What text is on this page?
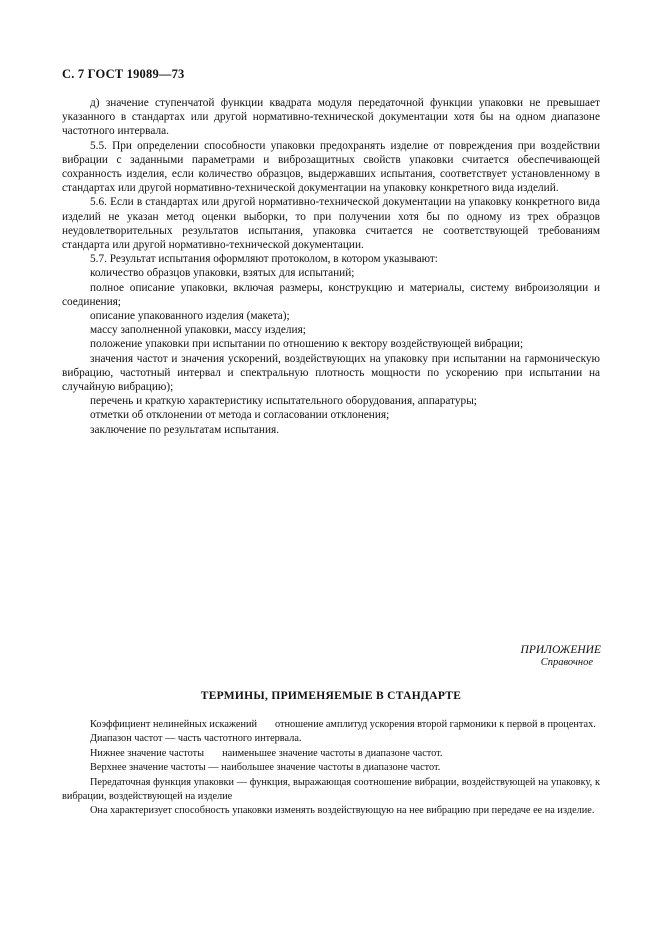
С. 7 ГОСТ 19089—73

д) значение ступенчатой функции квадрата модуля передаточной функции упаковки не превышает указанного в стандартах или другой нормативно-технической документации хотя бы на одном диапазоне частотного интервала.

5.5. При определении способности упаковки предохранять изделие от повреждения при воздействии вибрации с заданными параметрами и виброзащитных свойств упаковки считается обеспечивающей сохранность изделия, если количество образцов, выдержавших испытания, соответствует установленному в стандартах или другой нормативно-технической документации на упаковку конкретного вида изделий.

5.6. Если в стандартах или другой нормативно-технической документации на упаковку конкретного вида изделий не указан метод оценки выборки, то при получении хотя бы по одному из трех образцов неудовлетворительных результатов испытания, упаковка считается не соответствующей требованиям стандарта или другой нормативно-технической документации.

5.7. Результат испытания оформляют протоколом, в котором указывают:

количество образцов упаковки, взятых для испытаний;

полное описание упаковки, включая размеры, конструкцию и материалы, систему виброизоляции и соединения;

описание упакованного изделия (макета);

массу заполненной упаковки, массу изделия;

положение упаковки при испытании по отношению к вектору воздействующей вибрации;

значения частот и значения ускорений, воздействующих на упаковку при испытании на гармоническую вибрацию, частотный интервал и спектральную плотность мощности по ускорению при испытании на случайную вибрацию);

перечень и краткую характеристику испытательного оборудования, аппаратуры;

отметки об отклонении от метода и согласовании отклонения;

заключение по результатам испытания.

ПРИЛОЖЕНИЕ
Справочное
ТЕРМИНЫ, ПРИМЕНЯЕМЫЕ В СТАНДАРТЕ

Коэффициент нелинейных искажений отношение амплитуд ускорения второй гармоники к первой в процентах.

Диапазон частот — часть частотного интервала.

Нижнее значение частоты наименьшее значение частоты в диапазоне частот.

Верхнее значение частоты — наибольшее значение частоты в диапазоне частот.

Передаточная функция упаковки — функция, выражающая соотношение вибрации, воздействующей на упаковку, к вибрации, воздействующей на изделие

Она характеризует способность упаковки изменять воздействующую на нее вибрацию при передаче ее на изделие.
